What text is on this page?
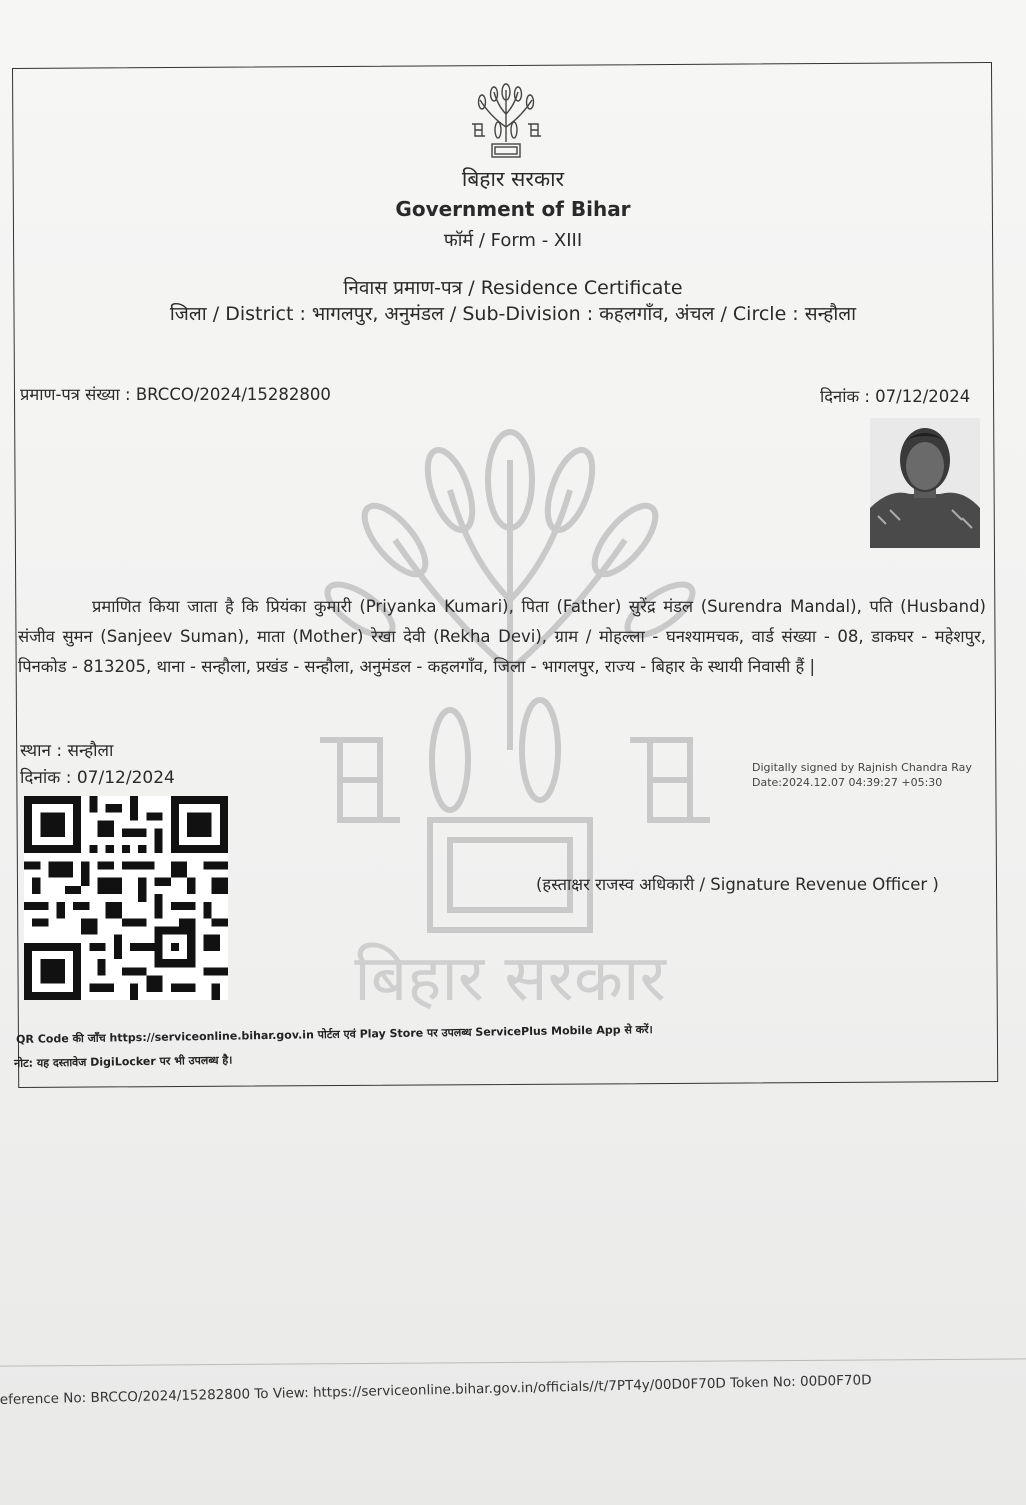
बिहार सरकार
बिहार सरकार
Government of Bihar
फॉर्म / Form - XIII
निवास प्रमाण-पत्र / Residence Certificate
जिला / District : भागलपुर, अनुमंडल / Sub-Division : कहलगाँव, अंचल / Circle : सन्हौला
प्रमाण-पत्र संख्या : BRCCO/2024/15282800	दिनांक : 07/12/2024
प्रमाणित किया जाता है कि प्रियंका कुमारी (Priyanka Kumari), पिता (Father) सुरेंद्र मंडल (Surendra Mandal), पति (Husband) संजीव सुमन (Sanjeev Suman), माता (Mother) रेखा देवी (Rekha Devi), ग्राम / मोहल्ला - घनश्यामचक, वार्ड संख्या - 08, डाकघर - महेशपुर, पिनकोड - 813205, थाना - सन्हौला, प्रखंड - सन्हौला, अनुमंडल - कहलगाँव, जिला - भागलपुर, राज्य - बिहार के स्थायी निवासी हैं |
स्थान : सन्हौला
दिनांक : 07/12/2024
Digitally signed by Rajnish Chandra Ray
Date:2024.12.07 04:39:27 +05:30
(हस्ताक्षर राजस्व अधिकारी / Signature Revenue Officer )
QR Code की जाँच https://serviceonline.bihar.gov.in पोर्टल एवं Play Store पर उपलब्ध ServicePlus Mobile App से करें।
नोट: यह दस्तावेज DigiLocker पर भी उपलब्ध है।
eference No: BRCCO/2024/15282800 To View: https://serviceonline.bihar.gov.in/officials//t/7PT4y/00D0F70D Token No: 00D0F70D
